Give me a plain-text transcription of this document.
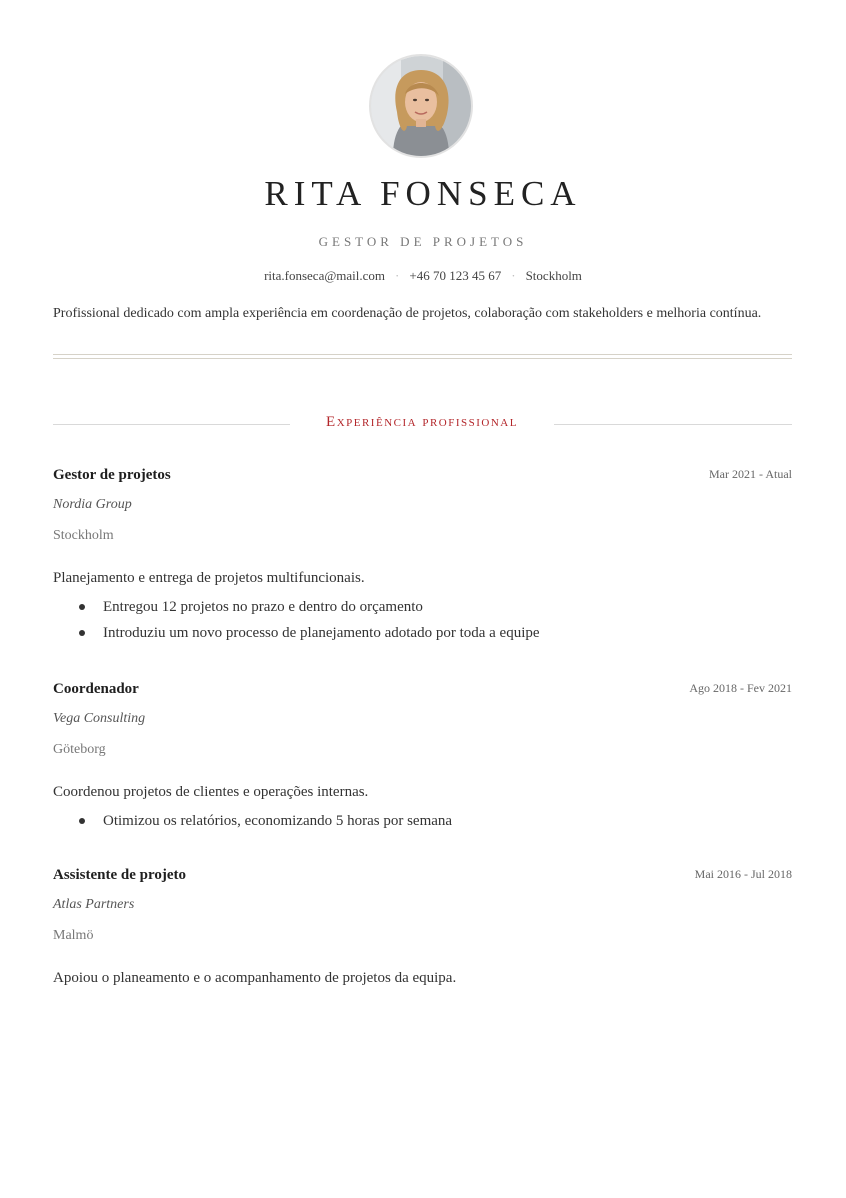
RITA FONSECA
GESTOR DE PROJETOS
rita.fonseca@mail.com · +46 70 123 45 67 · Stockholm
Profissional dedicado com ampla experiência em coordenação de projetos, colaboração com stakeholders e melhoria contínua.
Experiência profissional
Gestor de projetos	Mar 2021 - Atual
Nordia Group
Stockholm
Planejamento e entrega de projetos multifuncionais.
Entregou 12 projetos no prazo e dentro do orçamento
Introduziu um novo processo de planejamento adotado por toda a equipe
Coordenador	Ago 2018 - Fev 2021
Vega Consulting
Göteborg
Coordenou projetos de clientes e operações internas.
Otimizou os relatórios, economizando 5 horas por semana
Assistente de projeto	Mai 2016 - Jul 2018
Atlas Partners
Malmö
Apoiou o planeamento e o acompanhamento de projetos da equipa.
